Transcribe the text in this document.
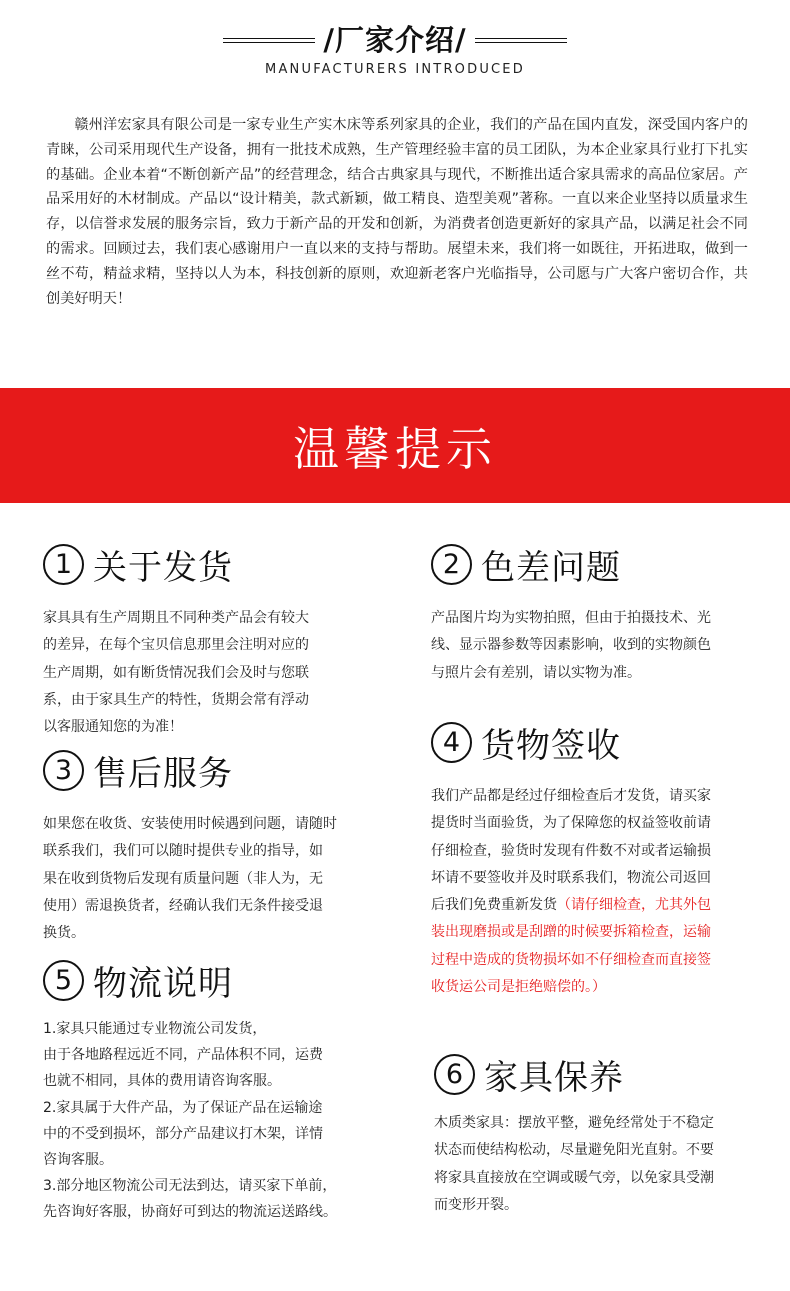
/厂家介绍/
MANUFACTURERS INTRODUCED

赣州洋宏家具有限公司是一家专业生产实木床等系列家具的企业，我们的产品在国内直发，深受国内客户的青睐，公司采用现代生产设备，拥有一批技术成熟，生产管理经验丰富的员工团队，为本企业家具行业打下扎实的基础。企业本着“不断创新产品”的经营理念，结合古典家具与现代，不断推出适合家具需求的高品位家居。产品采用好的木材制成。产品以“设计精美，款式新颖，做工精良、造型美观”著称。一直以来企业坚持以质量求生存，以信誉求发展的服务宗旨，致力于新产品的开发和创新，为消费者创造更新好的家具产品，以满足社会不同的需求。回顾过去，我们衷心感谢用户一直以来的支持与帮助。展望未来，我们将一如既往，开拓进取，做到一丝不苟，精益求精，坚持以人为本，科技创新的原则，欢迎新老客户光临指导，公司愿与广大客户密切合作，共创美好明天！

温馨提示
1 关于发货

家具具有生产周期且不同种类产品会有较大

的差异，在每个宝贝信息那里会注明对应的

生产周期，如有断货情况我们会及时与您联

系，由于家具生产的特性，货期会常有浮动

以客服通知您的为准！

2 色差问题

产品图片均为实物拍照，但由于拍摄技术、光

线、显示器参数等因素影响，收到的实物颜色

与照片会有差别，请以实物为准。

3 售后服务

如果您在收货、安装使用时候遇到问题，请随时

联系我们，我们可以随时提供专业的指导，如

果在收到货物后发现有质量问题（非人为，无

使用）需退换货者，经确认我们无条件接受退

换货。

4 货物签收

我们产品都是经过仔细检查后才发货，请买家

提货时当面验货，为了保障您的权益签收前请

仔细检查，验货时发现有件数不对或者运输损

坏请不要签收并及时联系我们，物流公司返回

后我们免费重新发货（请仔细检查，尤其外包

装出现磨损或是刮蹭的时候要拆箱检查，运输

过程中造成的货物损坏如不仔细检查而直接签

收货运公司是拒绝赔偿的。）

5 物流说明

1.家具只能通过专业物流公司发货，

由于各地路程远近不同，产品体积不同，运费

也就不相同，具体的费用请咨询客服。

2.家具属于大件产品，为了保证产品在运输途

中的不受到损坏，部分产品建议打木架，详情

咨询客服。

3.部分地区物流公司无法到达，请买家下单前，

先咨询好客服，协商好可到达的物流运送路线。

6 家具保养

木质类家具：摆放平整，避免经常处于不稳定

状态而使结构松动，尽量避免阳光直射。不要

将家具直接放在空调或暖气旁，以免家具受潮

而变形开裂。
